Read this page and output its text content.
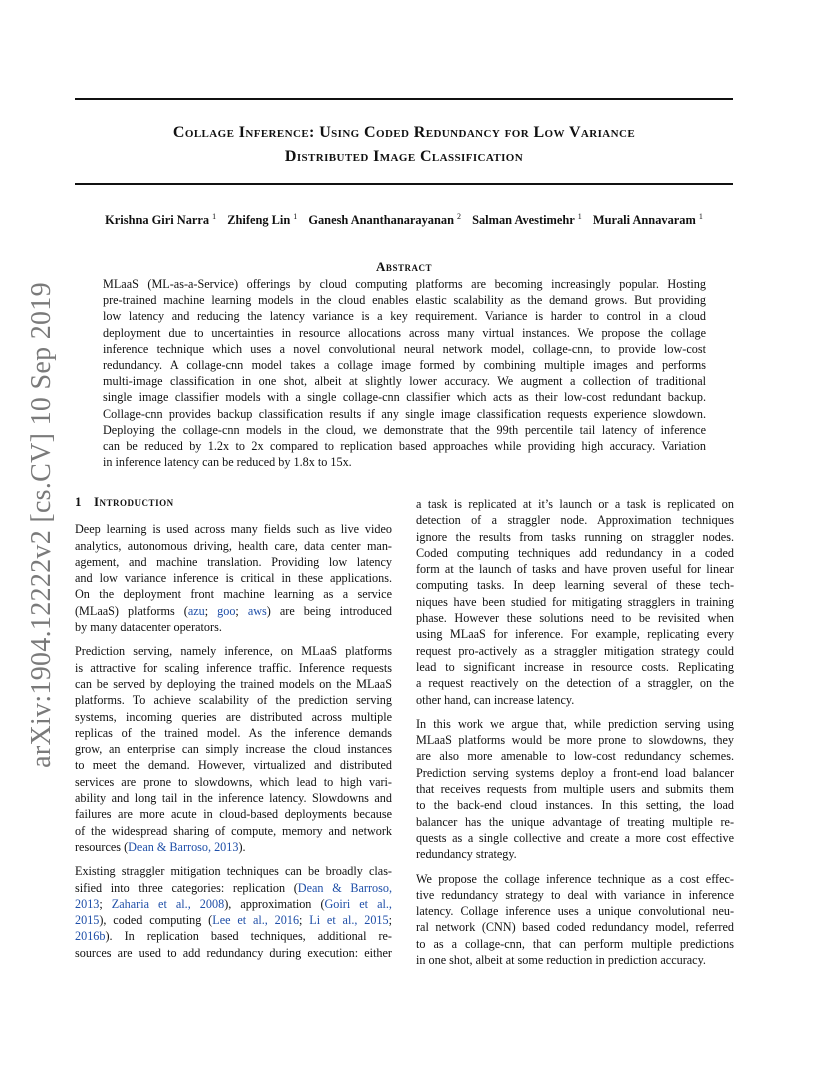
arXiv:1904.12222v2 [cs.CV] 10 Sep 2019
Collage Inference: Using Coded Redundancy for Low Variance
Distributed Image Classification
Krishna Giri Narra $^1$ Zhifeng Lin $^1$ Ganesh Ananthanarayanan $^2$ Salman Avestimehr $^1$ Murali Annavaram $^1$
Abstract
MLaaS (ML-as-a-Service) offerings by cloud computing platforms are becoming increasingly popular. Hosting
pre-trained machine learning models in the cloud enables elastic scalability as the demand grows. But providing
low latency and reducing the latency variance is a key requirement. Variance is harder to control in a cloud
deployment due to uncertainties in resource allocations across many virtual instances. We propose the collage
inference technique which uses a novel convolutional neural network model, collage-cnn, to provide low-cost
redundancy. A collage-cnn model takes a collage image formed by combining multiple images and performs
multi-image classification in one shot, albeit at slightly lower accuracy. We augment a collection of traditional
single image classifier models with a single collage-cnn classifier which acts as their low-cost redundant backup.
Collage-cnn provides backup classification results if any single image classification requests experience slowdown.
Deploying the collage-cnn models in the cloud, we demonstrate that the 99th percentile tail latency of inference
can be reduced by 1.2x to 2x compared to replication based approaches while providing high accuracy. Variation
in inference latency can be reduced by 1.8x to 15x.
1 Introduction

Deep learning is used across many fields such as live video
analytics, autonomous driving, health care, data center man-
agement, and machine translation. Providing low latency
and low variance inference is critical in these applications.
On the deployment front machine learning as a service
(MLaaS) platforms (azu; goo; aws) are being introduced
by many datacenter operators.

Prediction serving, namely inference, on MLaaS platforms
is attractive for scaling inference traffic. Inference requests
can be served by deploying the trained models on the MLaaS
platforms. To achieve scalability of the prediction serving
systems, incoming queries are distributed across multiple
replicas of the trained model. As the inference demands
grow, an enterprise can simply increase the cloud instances
to meet the demand. However, virtualized and distributed
services are prone to slowdowns, which lead to high vari-
ability and long tail in the inference latency. Slowdowns and
failures are more acute in cloud-based deployments because
of the widespread sharing of compute, memory and network
resources (Dean & Barroso, 2013).

Existing straggler mitigation techniques can be broadly clas-
sified into three categories: replication (Dean & Barroso,
2013; Zaharia et al., 2008), approximation (Goiri et al.,
2015), coded computing (Lee et al., 2016; Li et al., 2015;
2016b). In replication based techniques, additional re-
sources are used to add redundancy during execution: either

a task is replicated at it’s launch or a task is replicated on
detection of a straggler node. Approximation techniques
ignore the results from tasks running on straggler nodes.
Coded computing techniques add redundancy in a coded
form at the launch of tasks and have proven useful for linear
computing tasks. In deep learning several of these tech-
niques have been studied for mitigating stragglers in training
phase. However these solutions need to be revisited when
using MLaaS for inference. For example, replicating every
request pro-actively as a straggler mitigation strategy could
lead to significant increase in resource costs. Replicating
a request reactively on the detection of a straggler, on the
other hand, can increase latency.

In this work we argue that, while prediction serving using
MLaaS platforms would be more prone to slowdowns, they
are also more amenable to low-cost redundancy schemes.
Prediction serving systems deploy a front-end load balancer
that receives requests from multiple users and submits them
to the back-end cloud instances. In this setting, the load
balancer has the unique advantage of treating multiple re-
quests as a single collective and create a more cost effective
redundancy strategy.

We propose the collage inference technique as a cost effec-
tive redundancy strategy to deal with variance in inference
latency. Collage inference uses a unique convolutional neu-
ral network (CNN) based coded redundancy model, referred
to as a collage-cnn, that can perform multiple predictions
in one shot, albeit at some reduction in prediction accuracy.
